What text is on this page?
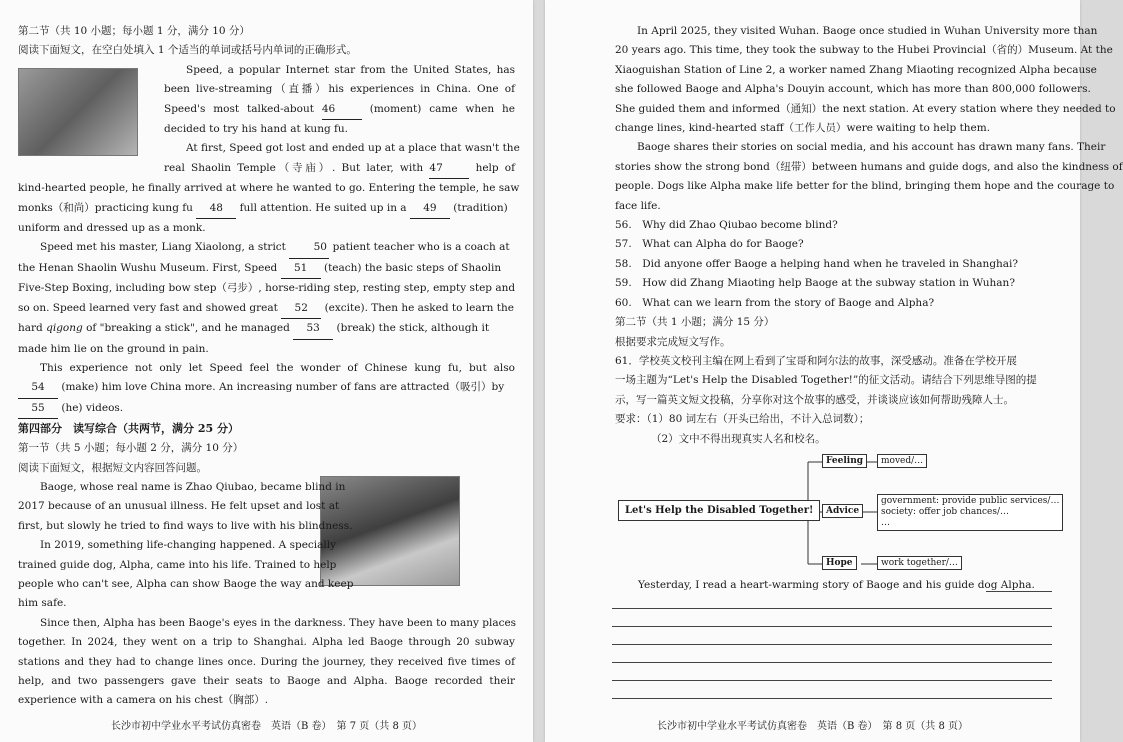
第二节（共 10 小题；每小题 1 分，满分 10 分）
阅读下面短文，在空白处填入 1 个适当的单词或括号内单词的正确形式。
Speed, a popular Internet star from the United States, has
been live-streaming（直播）his experiences in China. One of
Speed's most talked-about 46	(moment) came when he
decided to try his hand at kung fu.
At first, Speed got lost and ended up at a place that wasn't the
real Shaolin Temple（寺庙）. But later, with 47	help of
kind-hearted people, he finally arrived at where he wanted to go. Entering the temple, he saw
monks（和尚）practicing kung fu 48 full attention. He suited up in a 49 (tradition)
uniform and dressed up as a monk.
Speed met his master, Liang Xiaolong, a strict	50 patient teacher who is a coach at
the Henan Shaolin Wushu Museum. First, Speed 51 (teach) the basic steps of Shaolin
Five-Step Boxing, including bow step（弓步）, horse-riding step, resting step, empty step and
so on. Speed learned very fast and showed great 52 (excite). Then he asked to learn the
hard qigong of "breaking a stick", and he managed 53 (break) the stick, although it
made him lie on the ground in pain.
This experience not only let Speed feel the wonder of Chinese kung fu, but also
54 (make) him love China more. An increasing number of fans are attracted（吸引）by
55 (he) videos.
第四部分　读写综合（共两节，满分 25 分）
第一节（共 5 小题；每小题 2 分，满分 10 分）
阅读下面短文，根据短文内容回答问题。
Baoge, whose real name is Zhao Qiubao, became blind in
2017 because of an unusual illness. He felt upset and lost at
first, but slowly he tried to find ways to live with his blindness.
In 2019, something life-changing happened. A specially
trained guide dog, Alpha, came into his life. Trained to help
people who can't see, Alpha can show Baoge the way and keep
him safe.
Since then, Alpha has been Baoge's eyes in the darkness. They have been to many places
together. In 2024, they went on a trip to Shanghai. Alpha led Baoge through 20 subway
stations and they had to change lines once. During the journey, they received five times of
help, and two passengers gave their seats to Baoge and Alpha. Baoge recorded their
experience with a camera on his chest（胸部）.
长沙市初中学业水平考试仿真密卷　英语（B 卷）　第 7 页（共 8 页）
In April 2025, they visited Wuhan. Baoge once studied in Wuhan University more than
20 years ago. This time, they took the subway to the Hubei Provincial（省的）Museum. At the
Xiaoguishan Station of Line 2, a worker named Zhang Miaoting recognized Alpha because
she followed Baoge and Alpha's Douyin account, which has more than 800,000 followers.
She guided them and informed（通知）the next station. At every station where they needed to
change lines, kind-hearted staff（工作人员）were waiting to help them.
Baoge shares their stories on social media, and his account has drawn many fans. Their
stories show the strong bond（纽带）between humans and guide dogs, and also the kindness of
people. Dogs like Alpha make life better for the blind, bringing them hope and the courage to
face life.
56.　Why did Zhao Qiubao become blind?
57.　What can Alpha do for Baoge?
58.　Did anyone offer Baoge a helping hand when he traveled in Shanghai?
59.　How did Zhang Miaoting help Baoge at the subway station in Wuhan?
60.　What can we learn from the story of Baoge and Alpha?
第二节（共 1 小题；满分 15 分）
根据要求完成短文写作。
61．学校英文校刊主编在网上看到了宝哥和阿尔法的故事，深受感动。准备在学校开展
一场主题为“Let's Help the Disabled Together!”的征文活动。请结合下列思维导图的提
示，写一篇英文短文投稿，分享你对这个故事的感受，并谈谈应该如何帮助残障人士。
要求：（1）80 词左右（开头已给出，不计入总词数）；
（2）文中不得出现真实人名和校名。
长沙市初中学业水平考试仿真密卷　英语（B 卷）　第 8 页（共 8 页）
Let's Help the Disabled Together!
Feeling	moved/…
Advice
government: provide public services/…
society: offer job chances/…
…
Hope	work together/…
Yesterday, I read a heart-warming story of Baoge and his guide dog Alpha.
